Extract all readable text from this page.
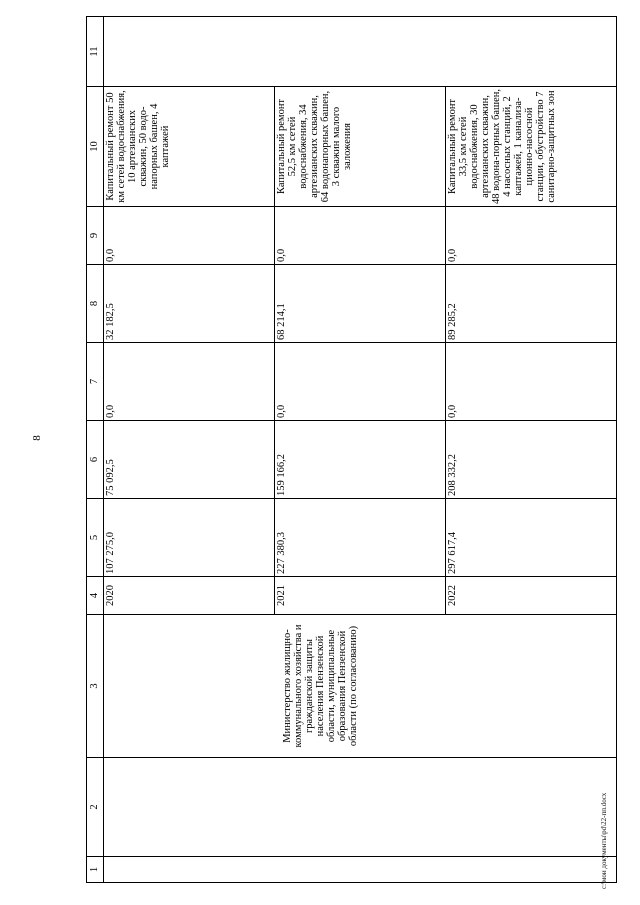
8
1	2	3	4	5	6	7	8	9	10	11
		Министерство жилищно-коммунального хозяйства и гражданской защиты населения Пензенской области, муниципальные образования Пензенской области (по согласованию)	2020	107 275,0	75 092,5	0,0	32 182,5	0,0	Капитальный ремонт 50 км сетей водоснабжения, 10 артезианских скважин, 50 водо-напорных башен, 4 каптажей	
			2021	227 380,3	159 166,2	0,0	68 214,1	0,0	Капитальный ремонт 52,5 км сетей водоснабжения, 34 артезианских скважин, 64 водонапорных башен, 3 скважин малого заложения	
			2022	297 617,4	208 332,2	0,0	89 285,2	0,0	Капитальный ремонт 33,5 км сетей водоснабжения, 30 артезианских скважин, 48 водона-порных башен, 4 насосных станций, 2 каптажей, 1 канализа-ционно-насосной станции, обустройство 7 санитарно-защитных зон	
c:\мои документы\pd\22-пп.docx
